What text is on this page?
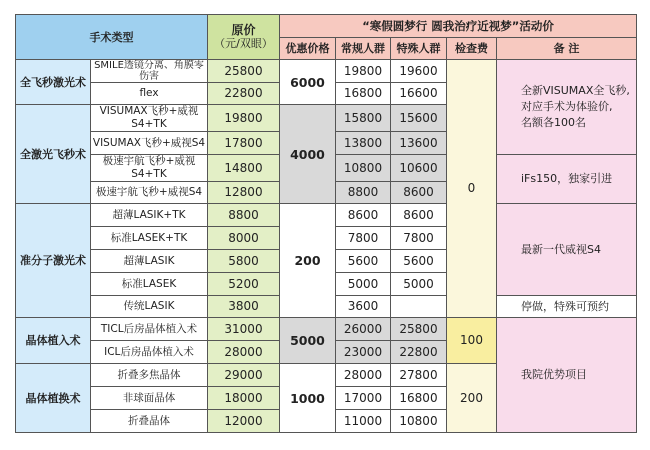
手术类型		原价
（元/双眼）	“寒假圆梦行 圆我治疗近视梦”活动价				
			优惠价格	常规人群	特殊人群	检查费	备 注
全飞秒激光术	SMILE透镜分离、角膜零伤害	25800	6000	19800	19600	0	全新VISUMAX全飞秒,
对应手术为体验价,
名额各100名

	flex	22800		16800	16600		
全激光飞秒术	VISUMAX飞秒+威视S4+TK	19800	4000	15800	15600		
	VISUMAX飞秒+威视S4	17800		13800	13600		
	极速宇航飞秒+威视S4+TK	14800		10800	10600		iFs150，独家引进
	极速宇航飞秒+威视S4	12800		8800	8600		
准分子激光术	超薄LASIK+TK	8800	200	8600	8600		最新一代威视S4
	标准LASEK+TK	8000		7800	7800		
	超薄LASIK	5800		5600	5600		
	标准LASEK	5200		5000	5000		
	传统LASIK	3800		3600			停做，特殊可预约
晶体植入术	TICL后房晶体植入术	31000	5000	26000	25800	100	我院优势项目
	ICL后房晶体植入术	28000		23000	22800		
晶体植换术	折叠多焦晶体	29000	1000	28000	27800	200	
	非球面晶体	18000		17000	16800		
	折叠晶体	12000		11000	10800		
